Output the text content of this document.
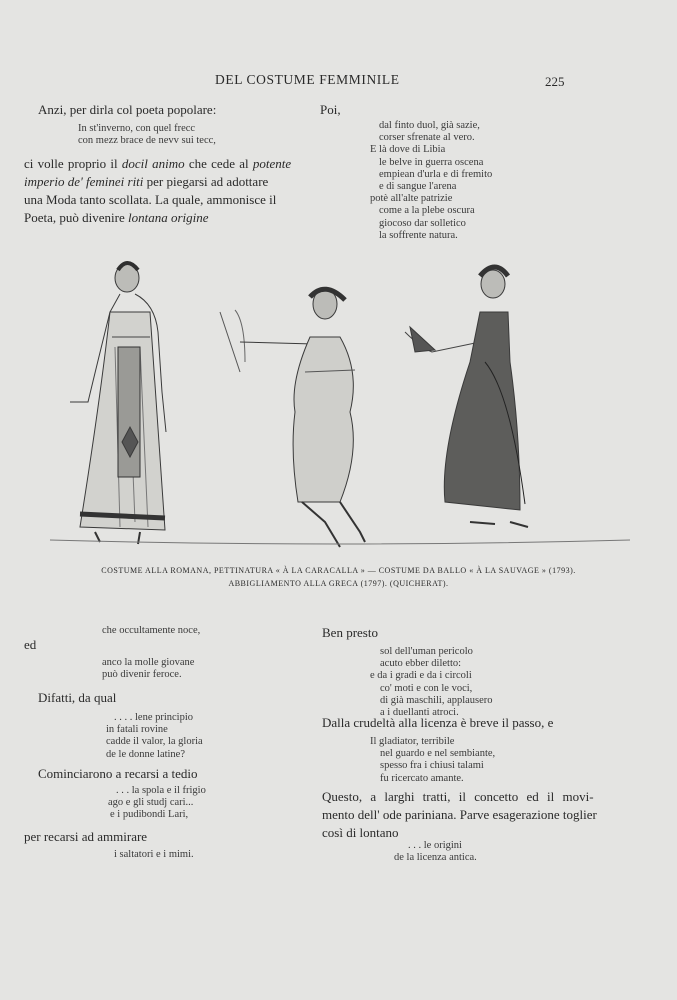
DEL COSTUME FEMMINILE	225
Anzi, per dirla col poeta popolare:
In st'inverno, con quel frecc
con mezz brace de nevv sui tecc,
ci volle proprio il docil animo che cede al potente
imperio de' feminei riti per piegarsi ad adottare
una Moda tanto scollata. La quale, ammonisce il
Poeta, può divenire lontana origine
Poi,
dal finto duol, già sazie,
corser sfrenate al vero.
E là dove di Libia
le belve in guerra oscena
empiean d'urla e di fremito
e di sangue l'arena
potè all'alte patrizie
come a la plebe oscura
giocoso dar solletico
la soffrente natura.
COSTUME ALLA ROMANA, PETTINATURA « À LA CARACALLA » — COSTUME DA BALLO « À LA SAUVAGE » (1793).
ABBIGLIAMENTO ALLA GRECA (1797). (QUICHERAT).
che occultamente noce,
ed
anco la molle giovane
può divenir feroce.
Difatti, da qual
. . . . lene principio
in fatali rovine
cadde il valor, la gloria
de le donne latine?
Cominciarono a recarsi a tedio
. . . la spola e il frigio
ago e gli studj cari...
e i pudibondi Lari,
per recarsi ad ammirare
i saltatori e i mimi.
Ben presto
sol dell'uman pericolo
acuto ebber diletto:
e da i gradi e da i circoli
co' moti e con le voci,
di già maschili, applausero
a i duellanti atroci.
Dalla crudeltà alla licenza è breve il passo, e
Il gladiator, terribile
nel guardo e nel sembiante,
spesso fra i chiusi talami
fu ricercato amante.
Questo, a larghi tratti, il concetto ed il movi-
mento dell' ode pariniana. Parve esagerazione toglier
così di lontano
. . . le origini
de la licenza antica.
